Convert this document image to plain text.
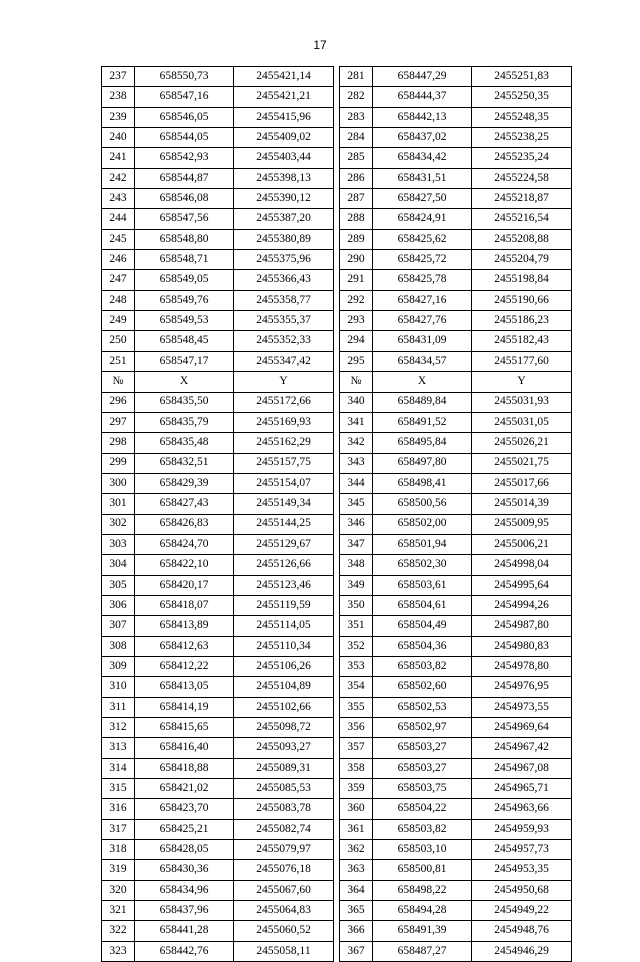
17
237	658550,73	2455421,14		281	658447,29	2455251,83
238	658547,16	2455421,21		282	658444,37	2455250,35
239	658546,05	2455415,96		283	658442,13	2455248,35
240	658544,05	2455409,02		284	658437,02	2455238,25
241	658542,93	2455403,44		285	658434,42	2455235,24
242	658544,87	2455398,13		286	658431,51	2455224,58
243	658546,08	2455390,12		287	658427,50	2455218,87
244	658547,56	2455387,20		288	658424,91	2455216,54
245	658548,80	2455380,89		289	658425,62	2455208,88
246	658548,71	2455375,96		290	658425,72	2455204,79
247	658549,05	2455366,43		291	658425,78	2455198,84
248	658549,76	2455358,77		292	658427,16	2455190,66
249	658549,53	2455355,37		293	658427,76	2455186,23
250	658548,45	2455352,33		294	658431,09	2455182,43
251	658547,17	2455347,42		295	658434,57	2455177,60
№	X	Y		№	X	Y
296	658435,50	2455172,66		340	658489,84	2455031,93
297	658435,79	2455169,93		341	658491,52	2455031,05
298	658435,48	2455162,29		342	658495,84	2455026,21
299	658432,51	2455157,75		343	658497,80	2455021,75
300	658429,39	2455154,07		344	658498,41	2455017,66
301	658427,43	2455149,34		345	658500,56	2455014,39
302	658426,83	2455144,25		346	658502,00	2455009,95
303	658424,70	2455129,67		347	658501,94	2455006,21
304	658422,10	2455126,66		348	658502,30	2454998,04
305	658420,17	2455123,46		349	658503,61	2454995,64
306	658418,07	2455119,59		350	658504,61	2454994,26
307	658413,89	2455114,05		351	658504,49	2454987,80
308	658412,63	2455110,34		352	658504,36	2454980,83
309	658412,22	2455106,26		353	658503,82	2454978,80
310	658413,05	2455104,89		354	658502,60	2454976,95
311	658414,19	2455102,66		355	658502,53	2454973,55
312	658415,65	2455098,72		356	658502,97	2454969,64
313	658416,40	2455093,27		357	658503,27	2454967,42
314	658418,88	2455089,31		358	658503,27	2454967,08
315	658421,02	2455085,53		359	658503,75	2454965,71
316	658423,70	2455083,78		360	658504,22	2454963,66
317	658425,21	2455082,74		361	658503,82	2454959,93
318	658428,05	2455079,97		362	658503,10	2454957,73
319	658430,36	2455076,18		363	658500,81	2454953,35
320	658434,96	2455067,60		364	658498,22	2454950,68
321	658437,96	2455064,83		365	658494,28	2454949,22
322	658441,28	2455060,52		366	658491,39	2454948,76
323	658442,76	2455058,11		367	658487,27	2454946,29
